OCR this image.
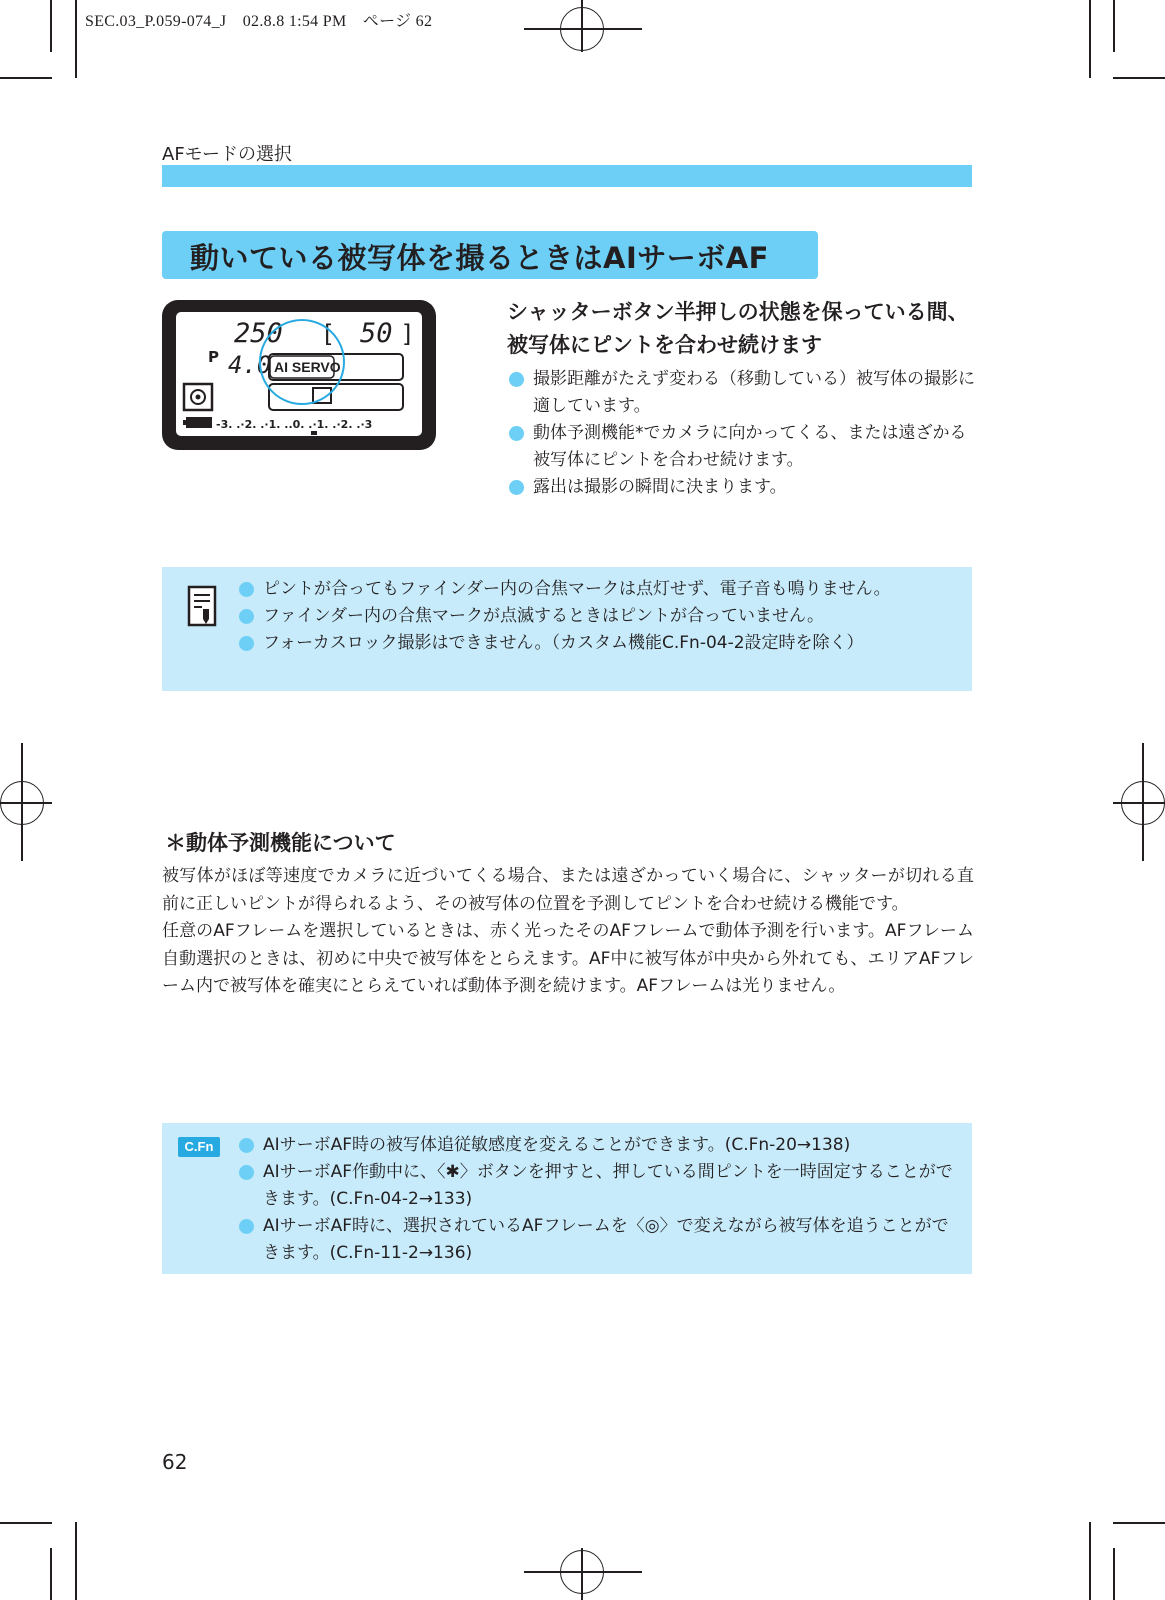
SEC.03_P.059-074_J　02.8.8 1:54 PM　ページ 62
AFモードの選択
動いている被写体を撮るときはAIサーボAF
250 [ 50 ]
P 4.0 AI SERVO
-3. .·2. .·1. ..0. .·1. .·2. .·3
シャッターボタン半押しの状態を保っている間、被写体にピントを合わせ続けます
撮影距離がたえず変わる（移動している）被写体の撮影に適しています。
動体予測機能*でカメラに向かってくる、または遠ざかる被写体にピントを合わせ続けます。
露出は撮影の瞬間に決まります。
ピントが合ってもファインダー内の合焦マークは点灯せず、電子音も鳴りません。
ファインダー内の合焦マークが点滅するときはピントが合っていません。
フォーカスロック撮影はできません。（カスタム機能C.Fn-04-2設定時を除く）
＊動体予測機能について
被写体がほぼ等速度でカメラに近づいてくる場合、または遠ざかっていく場合に、シャッターが切れる直前に正しいピントが得られるよう、その被写体の位置を予測してピントを合わせ続ける機能です。
任意のAFフレームを選択しているときは、赤く光ったそのAFフレームで動体予測を行います。AFフレーム自動選択のときは、初めに中央で被写体をとらえます。AF中に被写体が中央から外れても、エリアAFフレーム内で被写体を確実にとらえていれば動体予測を続けます。AFフレームは光りません。
C.Fn	AIサーボAF時の被写体追従敏感度を変えることができます。(C.Fn-20→138)
AIサーボAF作動中に、〈✱〉ボタンを押すと、押している間ピントを一時固定することができます。(C.Fn-04-2→133)
AIサーボAF時に、選択されているAFフレームを〈◎〉で変えながら被写体を追うことができます。(C.Fn-11-2→136)
62
